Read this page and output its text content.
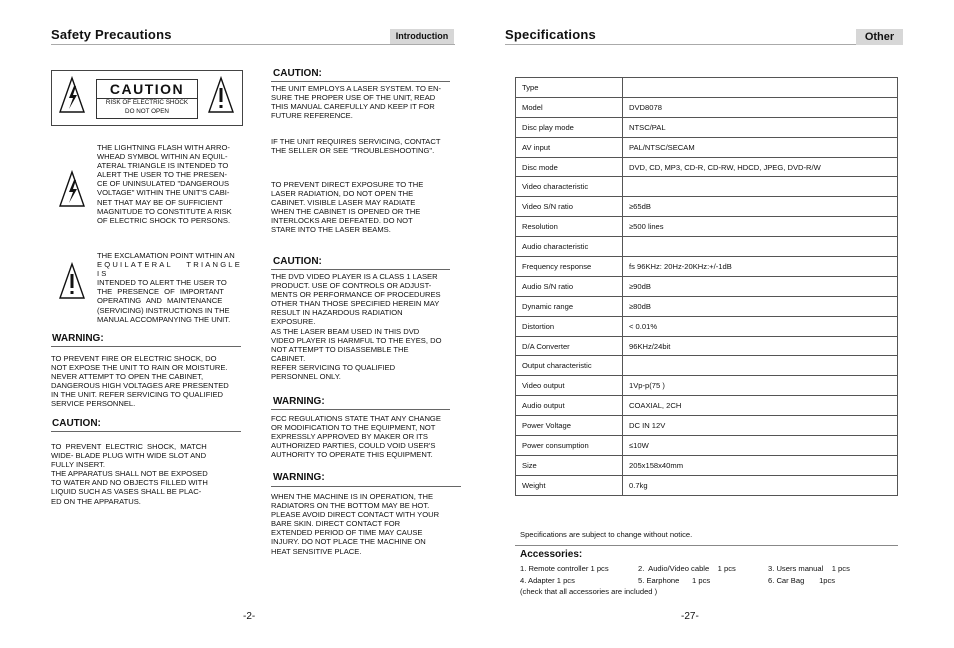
Safety Precautions	Introduction
CAUTION
RISK OF ELECTRIC SHOCK
DO NOT OPEN
THE LIGHTNING FLASH WITH ARRO-
WHEAD SYMBOL WITHIN AN EQUIL-
ATERAL TRIANGLE IS INTENDED TO
ALERT THE USER TO THE PRESEN-
CE OF UNINSULATED "DANGEROUS
VOLTAGE" WITHIN THE UNIT'S CABI-
NET THAT MAY BE OF SUFFICIENT
MAGNITUDE TO CONSTITUTE A RISK
OF ELECTRIC SHOCK TO PERSONS.
THE EXCLAMATION POINT WITHIN AN
EQUILATERAL TRIANGLE IS
INTENDED TO ALERT THE USER TO
THE PRESENCE OF IMPORTANT
OPERATING AND MAINTENANCE
(SERVICING) INSTRUCTIONS IN THE
MANUAL ACCOMPANYING THE UNIT.
WARNING:
TO PREVENT FIRE OR ELECTRIC SHOCK, DO
NOT EXPOSE THE UNIT TO RAIN OR MOISTURE.
NEVER ATTEMPT TO OPEN THE CABINET,
DANGEROUS HIGH VOLTAGES ARE PRESENTED
IN THE UNIT. REFER SERVICING TO QUALIFIED
SERVICE PERSONNEL.
CAUTION:
TO PREVENT ELECTRIC SHOCK, MATCH
WIDE- BLADE PLUG WITH WIDE SLOT AND
FULLY INSERT.
THE APPARATUS SHALL NOT BE EXPOSED
TO WATER AND NO OBJECTS FILLED WITH
LIQUID SUCH AS VASES SHALL BE PLAC-
ED ON THE APPARATUS.
CAUTION:
THE UNIT EMPLOYS A LASER SYSTEM. TO EN-
SURE THE PROPER USE OF THE UNIT, READ
THIS MANUAL CAREFULLY AND KEEP IT FOR
FUTURE REFERENCE.
IF THE UNIT REQUIRES SERVICING, CONTACT
THE SELLER OR SEE "TROUBLESHOOTING".
TO PREVENT DIRECT EXPOSURE TO THE
LASER RADIATION, DO NOT OPEN THE
CABINET. VISIBLE LASER MAY RADIATE
WHEN THE CABINET IS OPENED OR THE
INTERLOCKS ARE DEFEATED. DO NOT
STARE INTO THE LASER BEAMS.
CAUTION:
THE DVD VIDEO PLAYER IS A CLASS 1 LASER
PRODUCT. USE OF CONTROLS OR ADJUST-
MENTS OR PERFORMANCE OF PROCEDURES
OTHER THAN THOSE SPECIFIED HEREIN MAY
RESULT IN HAZARDOUS RADIATION
EXPOSURE.
AS THE LASER BEAM USED IN THIS DVD
VIDEO PLAYER IS HARMFUL TO THE EYES, DO
NOT ATTEMPT TO DISASSEMBLE THE
CABINET.
REFER SERVICING TO QUALIFIED
PERSONNEL ONLY.
WARNING:
FCC REGULATIONS STATE THAT ANY CHANGE
OR MODIFICATION TO THE EQUIPMENT, NOT
EXPRESSLY APPROVED BY MAKER OR ITS
AUTHORIZED PARTIES, COULD VOID USER'S
AUTHORITY TO OPERATE THIS EQUIPMENT.
WARNING:
WHEN THE MACHINE IS IN OPERATION, THE
RADIATORS ON THE BOTTOM MAY BE HOT.
PLEASE AVOID DIRECT CONTACT WITH YOUR
BARE SKIN. DIRECT CONTACT FOR
EXTENDED PERIOD OF TIME MAY CAUSE
INJURY. DO NOT PLACE THE MACHINE ON
HEAT SENSITIVE PLACE.
-2-
Specifications	Other
Type	
Model	DVD8078
Disc play mode	NTSC/PAL
AV input	PAL/NTSC/SECAM
Disc mode	DVD, CD, MP3, CD-R, CD-RW, HDCD, JPEG, DVD-R/W
Video characteristic	
Video S/N ratio	≥65dB
Resolution	≥500 lines
Audio characteristic	
Frequency response	fs 96KHz: 20Hz-20KHz:+/-1dB
Audio S/N ratio	≥90dB
Dynamic range	≥80dB
Distortion	< 0.01%
D/A Converter	96KHz/24bit
Output characteristic	
Video output	1Vp-p(75 )
Audio output	COAXIAL, 2CH
Power Voltage	DC IN 12V
Power consumption	≤10W
Size	205x158x40mm
Weight	0.7kg
Specifications are subject to change without notice.
Accessories:
1. Remote controller 1 pcs	2.  Audio/Video cable    1 pcs	3. Users manual    1 pcs
4. Adapter 1 pcs	5. Earphone      1 pcs	6. Car Bag       1pcs
(check that all accessories are included )
-27-
